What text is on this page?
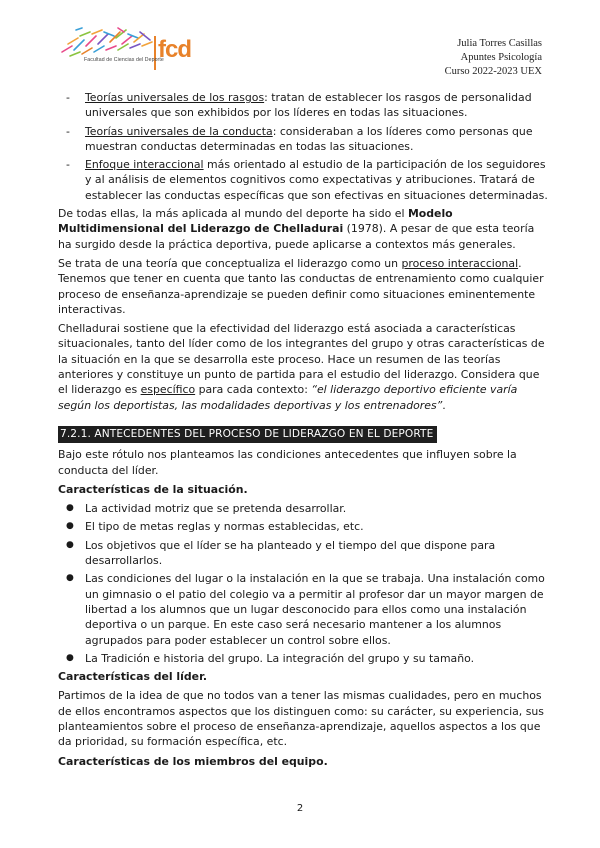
Facultad de Ciencias del Deporte
fcd	Julia Torres Casillas
Apuntes Psicología
Curso 2022-2023 UEX
- Teorías universales de los rasgos: tratan de establecer los rasgos de personalidad universales que son exhibidos por los líderes en todas las situaciones.
- Teorías universales de la conducta: consideraban a los líderes como personas que muestran conductas determinadas en todas las situaciones.
- Enfoque interaccional más orientado al estudio de la participación de los seguidores y al análisis de elementos cognitivos como expectativas y atribuciones. Tratará de establecer las conductas específicas que son efectivas en situaciones determinadas.

De todas ellas, la más aplicada al mundo del deporte ha sido el Modelo Multidimensional del Liderazgo de Chelladurai (1978). A pesar de que esta teoría ha surgido desde la práctica deportiva, puede aplicarse a contextos más generales.

Se trata de una teoría que conceptualiza el liderazgo como un proceso interaccional. Tenemos que tener en cuenta que tanto las conductas de entrenamiento como cualquier proceso de enseñanza-aprendizaje se pueden definir como situaciones eminentemente interactivas.

Chelladurai sostiene que la efectividad del liderazgo está asociada a características situacionales, tanto del líder como de los integrantes del grupo y otras características de la situación en la que se desarrolla este proceso. Hace un resumen de las teorías anteriores y constituye un punto de partida para el estudio del liderazgo. Considera que el liderazgo es específico para cada contexto: “el liderazgo deportivo eficiente varía según los deportistas, las modalidades deportivas y los entrenadores”.

7.2.1. ANTECEDENTES DEL PROCESO DE LIDERAZGO EN EL DEPORTE

Bajo este rótulo nos planteamos las condiciones antecedentes que influyen sobre la conducta del líder.

Características de la situación.
● La actividad motriz que se pretenda desarrollar.
● El tipo de metas reglas y normas establecidas, etc.
● Los objetivos que el líder se ha planteado y el tiempo del que dispone para desarrollarlos.
● Las condiciones del lugar o la instalación en la que se trabaja. Una instalación como un gimnasio o el patio del colegio va a permitir al profesor dar un mayor margen de libertad a los alumnos que un lugar desconocido para ellos como una instalación deportiva o un parque. En este caso será necesario mantener a los alumnos agrupados para poder establecer un control sobre ellos.
● La Tradición e historia del grupo. La integración del grupo y su tamaño.
Características del líder.

Partimos de la idea de que no todos van a tener las mismas cualidades, pero en muchos de ellos encontramos aspectos que los distinguen como: su carácter, su experiencia, sus planteamientos sobre el proceso de enseñanza-aprendizaje, aquellos aspectos a los que da prioridad, su formación específica, etc.

Características de los miembros del equipo.
2
